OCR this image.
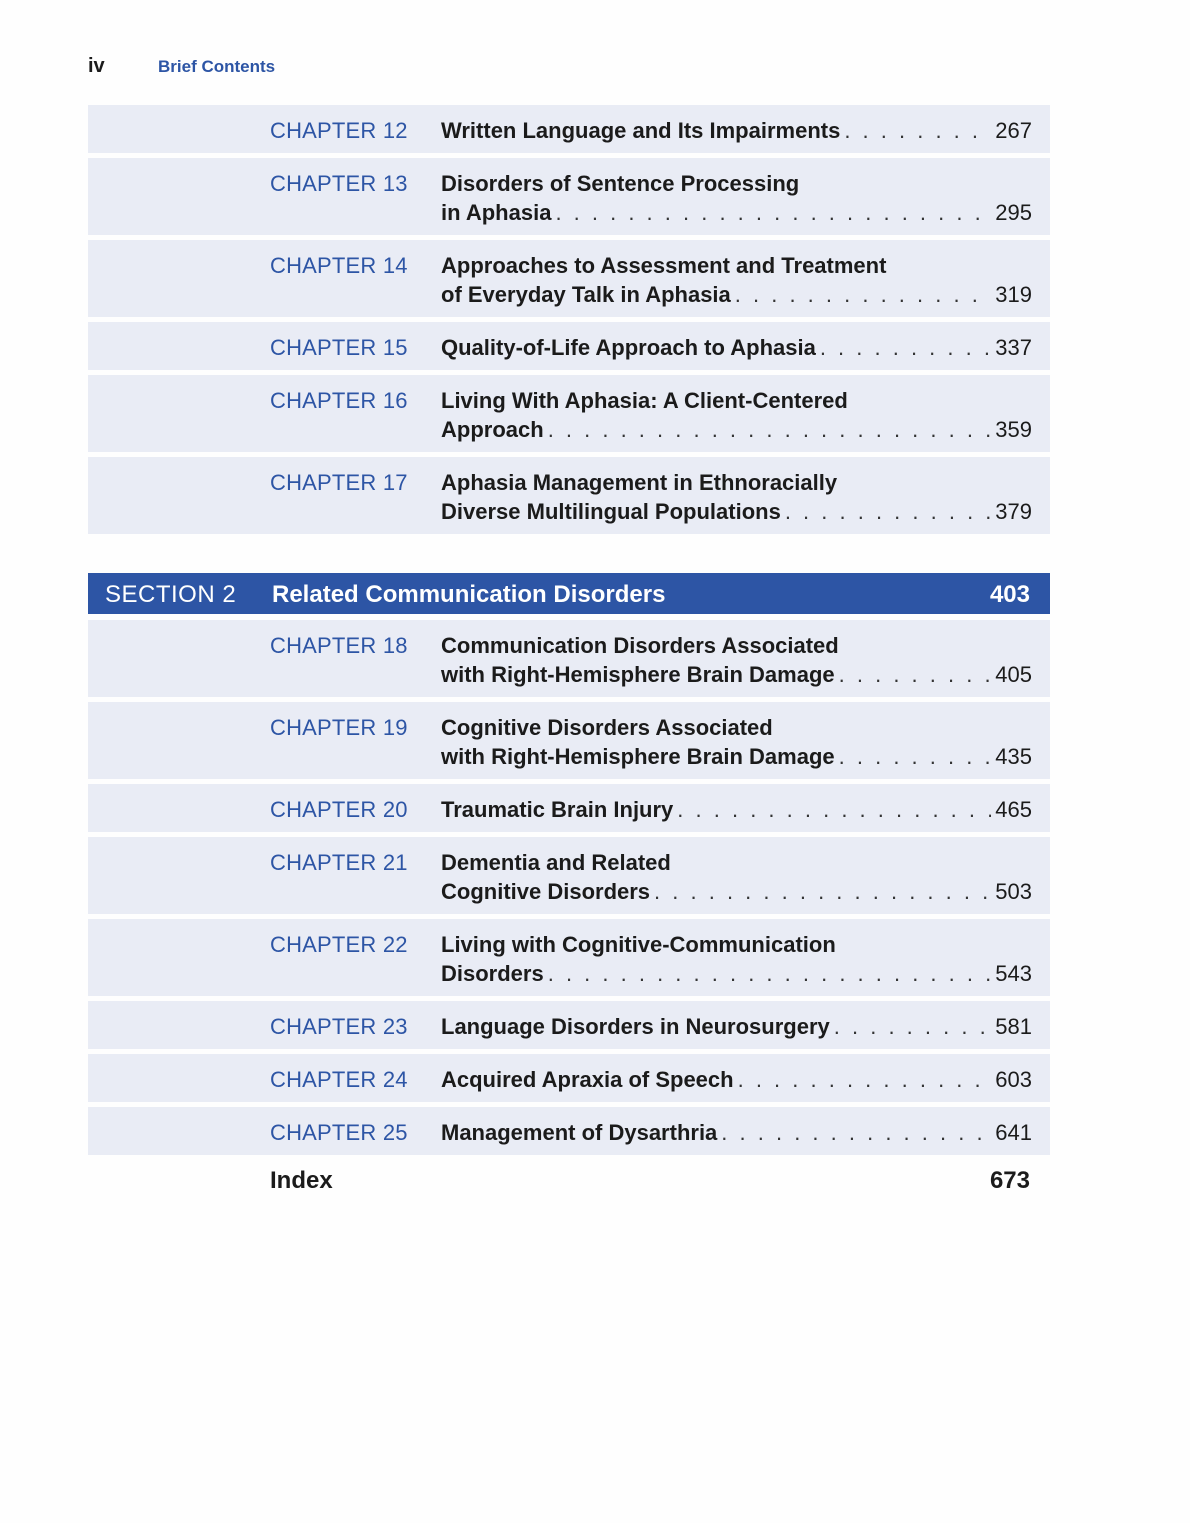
iv	Brief Contents
CHAPTER 12 Written Language and Its Impairments . . .	267
CHAPTER 13 Disorders of Sentence Processing
in Aphasia . . .	295
CHAPTER 14 Approaches to Assessment and Treatment
of Everyday Talk in Aphasia . . .	319
CHAPTER 15 Quality-of-Life Approach to Aphasia . . .	337
CHAPTER 16 Living With Aphasia: A Client-Centered
Approach . . .	359
CHAPTER 17 Aphasia Management in Ethnoracially
Diverse Multilingual Populations . . .	379
SECTION 2 Related Communication Disorders	403
CHAPTER 18 Communication Disorders Associated
with Right-Hemisphere Brain Damage . . .	405
CHAPTER 19 Cognitive Disorders Associated
with Right-Hemisphere Brain Damage . . .	435
CHAPTER 20 Traumatic Brain Injury . . .	465
CHAPTER 21 Dementia and Related
Cognitive Disorders . . .	503
CHAPTER 22 Living with Cognitive-Communication
Disorders . . .	543
CHAPTER 23 Language Disorders in Neurosurgery . . .	581
CHAPTER 24 Acquired Apraxia of Speech . . .	603
CHAPTER 25 Management of Dysarthria . . .	641
Index	673
